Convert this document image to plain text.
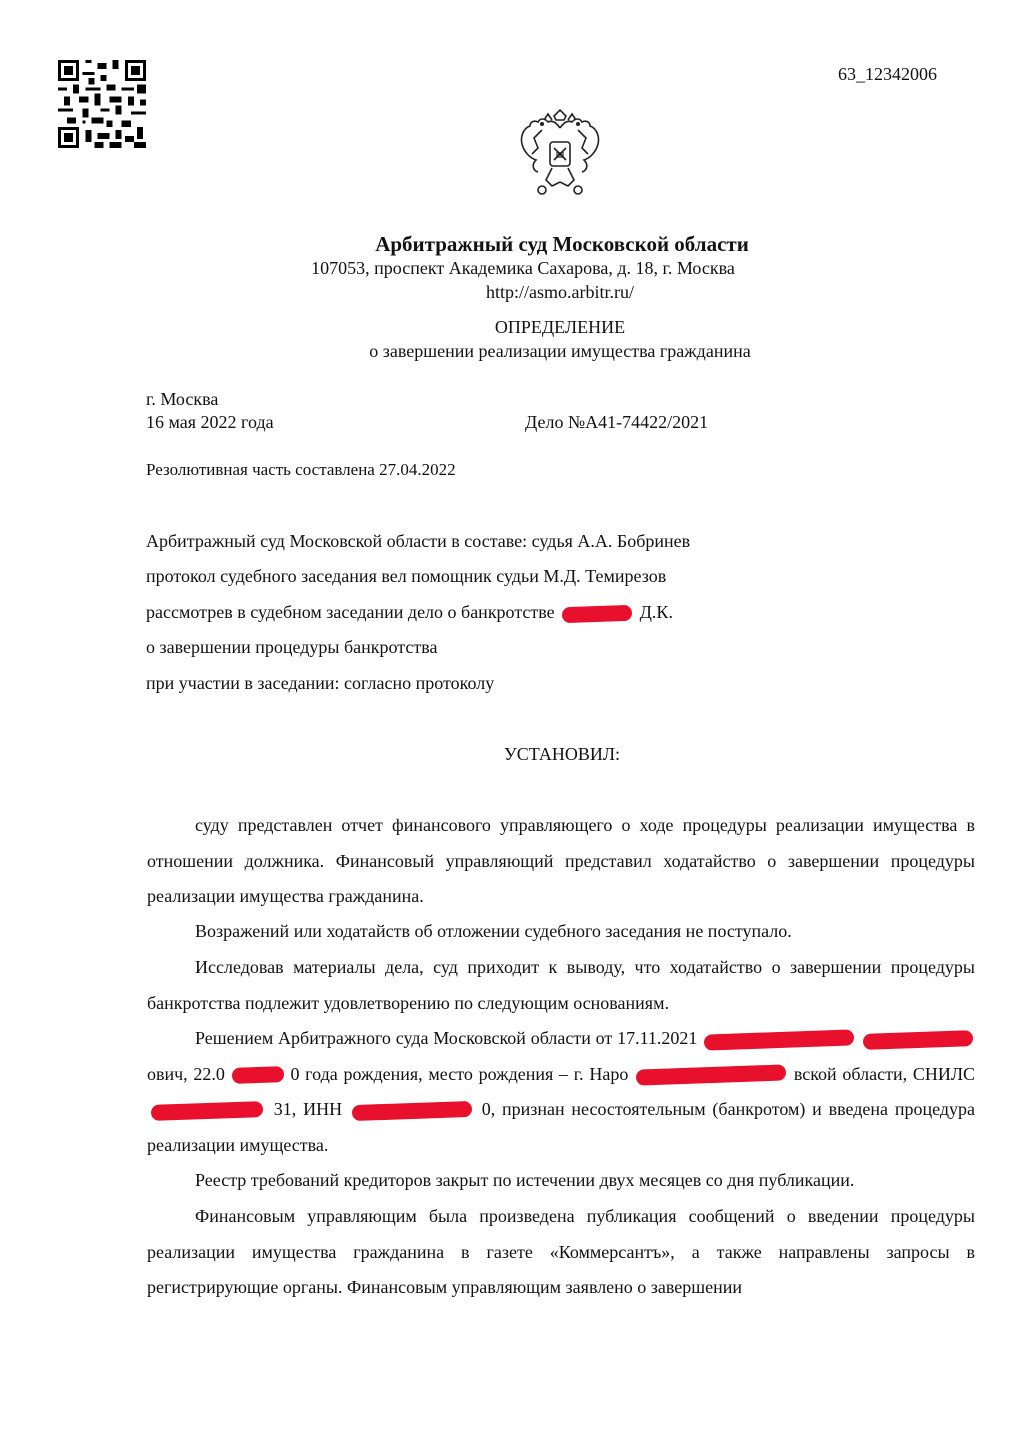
63_12342006
Арбитражный суд Московской области
107053, проспект Академика Сахарова, д. 18, г. Москва
http://asmo.arbitr.ru/
ОПРЕДЕЛЕНИЕ
о завершении реализации имущества гражданина
г. Москва
16 мая 2022 года	Дело №А41-74422/2021
Резолютивная часть составлена 27.04.2022
Арбитражный суд Московской области в составе: судья А.А. Бобринев
протокол судебного заседания вел помощник судьи М.Д. Темирезов
рассмотрев в судебном заседании дело о банкротстве	Д.К.
о завершении процедуры банкротства
при участии в заседании: согласно протоколу
УСТАНОВИЛ:
суду представлен отчет финансового управляющего о ходе процедуры реализации имущества в отношении должника. Финансовый управляющий представил ходатайство о завершении процедуры реализации имущества гражданина.
Возражений или ходатайств об отложении судебного заседания не поступало.
Исследовав материалы дела, суд приходит к выводу, что ходатайство о завершении процедуры банкротства подлежит удовлетворению по следующим основаниям.
Решением Арбитражного суда Московской области от 17.11.2021   ович, 22.0	0 года рождения, место рождения – г. Наро	вской области, СНИЛС  31, ИНН	0, признан несостоятельным (банкротом) и введена процедура реализации имущества.
Реестр требований кредиторов закрыт по истечении двух месяцев со дня публикации.
Финансовым управляющим была произведена публикация сообщений о введении процедуры реализации имущества гражданина в газете «Коммерсантъ», а также направлены запросы в регистрирующие органы. Финансовым управляющим заявлено о завершении
